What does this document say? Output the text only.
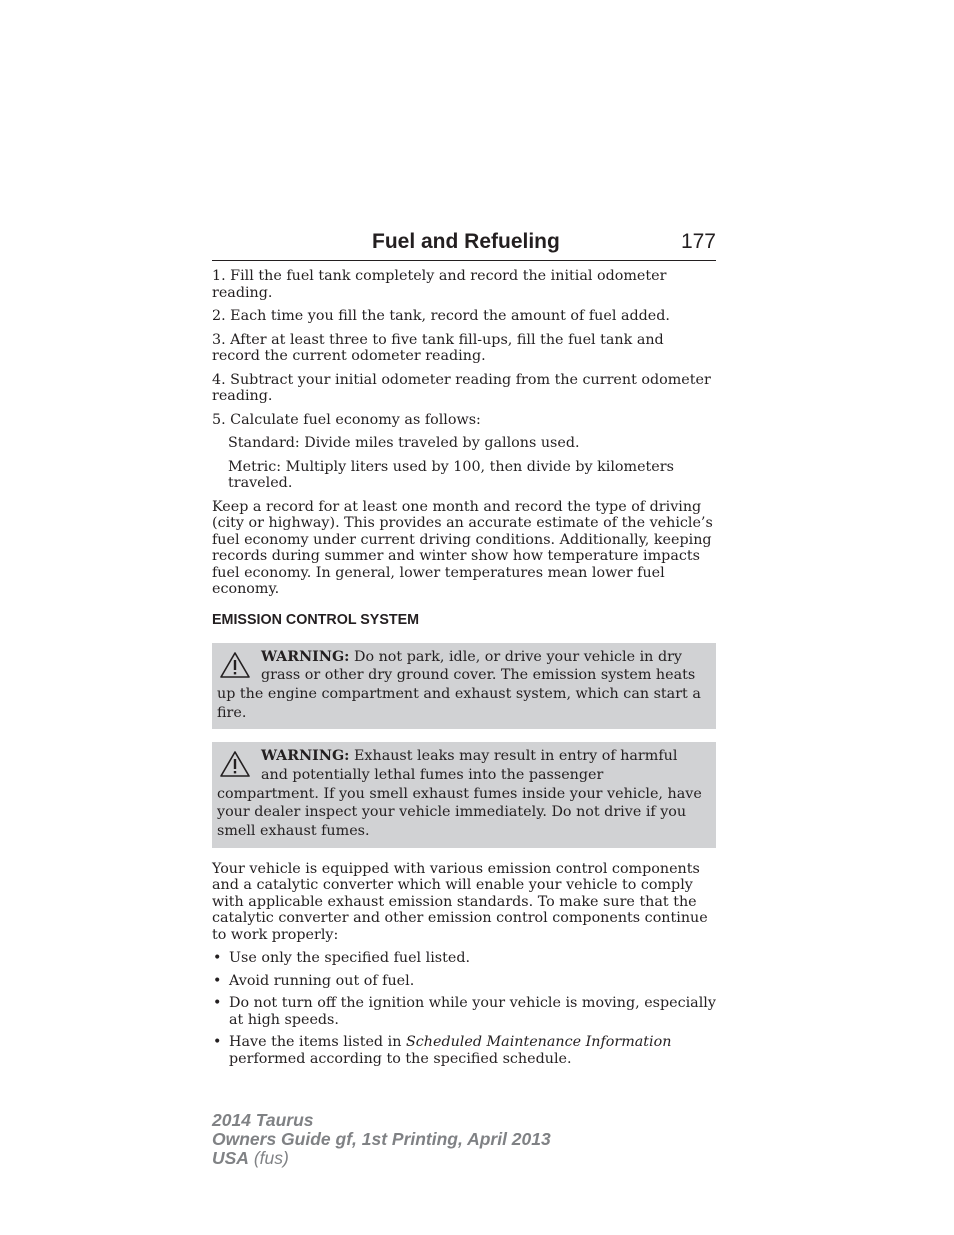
Fuel and Refueling	177

1. Fill the fuel tank completely and record the initial odometer reading.

2. Each time you fill the tank, record the amount of fuel added.

3. After at least three to five tank fill-ups, fill the fuel tank and record the current odometer reading.

4. Subtract your initial odometer reading from the current odometer reading.

5. Calculate fuel economy as follows:

Standard: Divide miles traveled by gallons used.

Metric: Multiply liters used by 100, then divide by kilometers traveled.

Keep a record for at least one month and record the type of driving (city or highway). This provides an accurate estimate of the vehicle’s fuel economy under current driving conditions. Additionally, keeping records during summer and winter show how temperature impacts fuel economy. In general, lower temperatures mean lower fuel economy.

EMISSION CONTROL SYSTEM
WARNING: Do not park, idle, or drive your vehicle in dry grass or other dry ground cover. The emission system heats up the engine compartment and exhaust system, which can start a fire.
WARNING: Exhaust leaks may result in entry of harmful and potentially lethal fumes into the passenger compartment. If you smell exhaust fumes inside your vehicle, have your dealer inspect your vehicle immediately. Do not drive if you smell exhaust fumes.

Your vehicle is equipped with various emission control components and a catalytic converter which will enable your vehicle to comply with applicable exhaust emission standards. To make sure that the catalytic converter and other emission control components continue to work properly:

• Use only the specified fuel listed.
• Avoid running out of fuel.
• Do not turn off the ignition while your vehicle is moving, especially at high speeds.
• Have the items listed in Scheduled Maintenance Information performed according to the specified schedule.
2014 Taurus
Owners Guide gf, 1st Printing, April 2013
USA (fus)
